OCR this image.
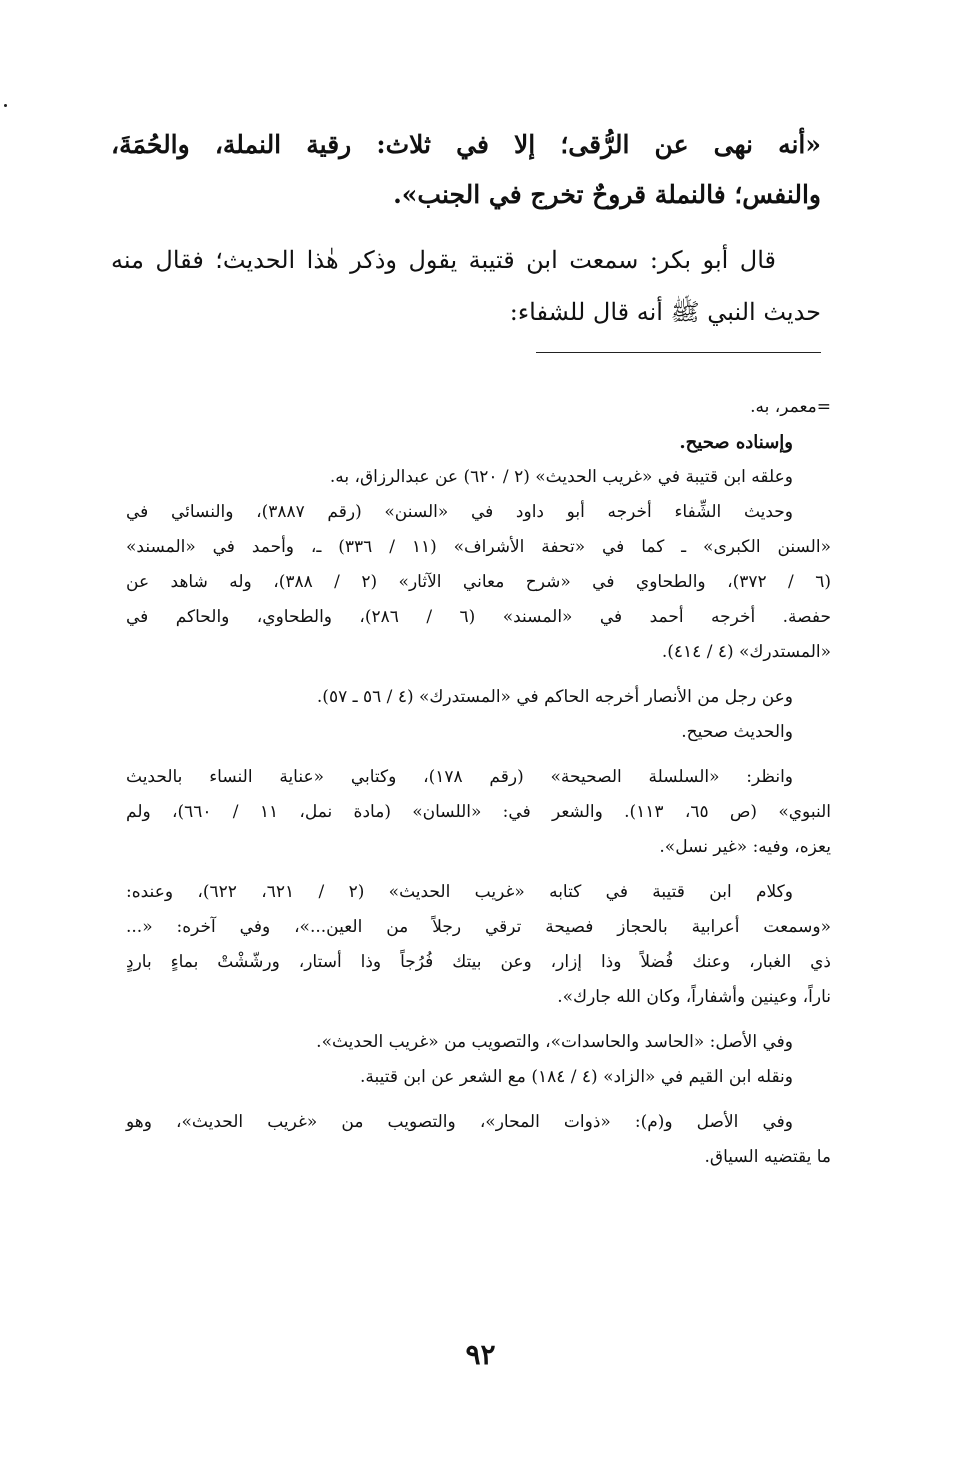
«أنه نهى عن الرُّقى؛ إلا في ثلاث: رقية النملة، والحُمَةَ،

والنفس؛ فالنملة قروحٌ تخرج في الجنب».

قال أبو بكر: سمعت ابن قتيبة يقول وذكر هٰذا الحديث؛ فقال منه

حديث النبي ﷺ أنه قال للشفاء:

=معمر، به.

وإسناده صحيح.

وعلقه ابن قتيبة في «غريب الحديث» (٢ / ٦٢٠) عن عبدالرزاق، به.

وحديث الشِّفاء أخرجه أبو داود في «السنن» (رقم ٣٨٨٧)، والنسائي في

«السنن الكبرى» ـ كما في «تحفة الأشراف» (١١ / ٣٣٦) ـ، وأحمد في «المسند»

(٦ / ٣٧٢)، والطحاوي في «شرح معاني الآثار» (٢ / ٣٨٨)، وله شاهد عن

حفصة. أخرجه أحمد في «المسند» (٦ / ٢٨٦)، والطحاوي، والحاكم في

«المستدرك» (٤ / ٤١٤).

وعن رجل من الأنصار أخرجه الحاكم في «المستدرك» (٤ / ٥٦ ـ ٥٧).

والحديث صحيح.

وانظر: «السلسلة الصحيحة» (رقم ١٧٨)، وكتابي «عناية النساء بالحديث

النبوي» (ص ٦٥، ١١٣). والشعر في: «اللسان» (مادة نمل، ١١ / ٦٦٠)، ولم

يعزه، وفيه: «غير نسل».

وكلام ابن قتيبة في كتابه «غريب الحديث» (٢ / ٦٢١، ٦٢٢)، وعنده:

«وسمعت أعرابية بالحجاز فصيحة ترقي رجلاً من العين...»، وفي آخره: «...

ذي الغبار، وعنك فُضلاً وذا إزار، وعن بيتك فُرُجاً وذا أستار، ورشّشْتْ بماءٍ باردٍ

ناراً، وعينين وأشفاراً، وكان الله جارك».

وفي الأصل: «الحاسد والحاسدات»، والتصويب من «غريب الحديث».

ونقله ابن القيم في «الزاد» (٤ / ١٨٤) مع الشعر عن ابن قتيبة.

وفي الأصل و(م): «ذوات المحار»، والتصويب من «غريب الحديث»، وهو

ما يقتضيه السياق.

٩٢
